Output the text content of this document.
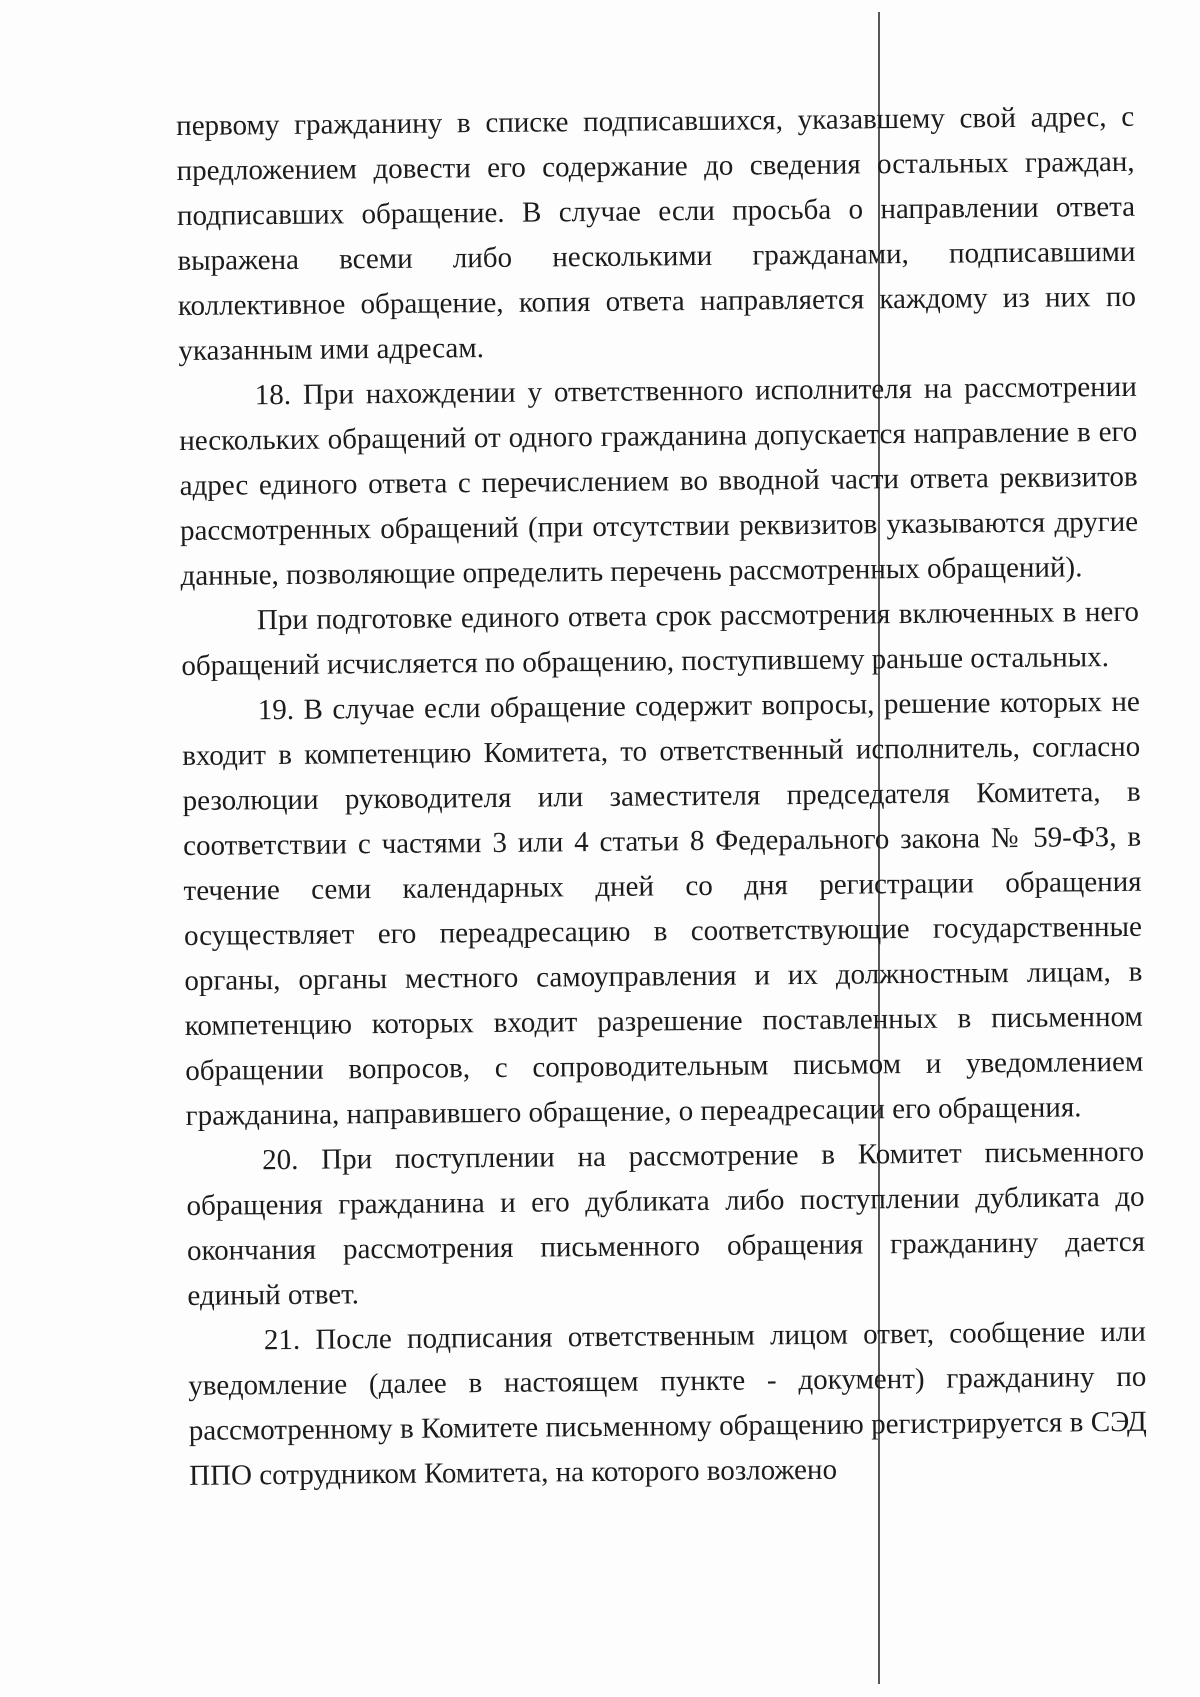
первому гражданину в списке подписавшихся, указавшему свой адрес, с предложением довести его содержание до сведения остальных граждан, подписавших обращение. В случае если просьба о направлении ответа выражена всеми либо несколькими гражданами, подписавшими коллективное обращение, копия ответа направляется каждому из них по указанным ими адресам.

18. При нахождении у ответственного исполнителя на рассмотрении нескольких обращений от одного гражданина допускается направление в его адрес единого ответа с перечислением во вводной части ответа реквизитов рассмотренных обращений (при отсутствии реквизитов указываются другие данные, позволяющие определить перечень рассмотренных обращений).

При подготовке единого ответа срок рассмотрения включенных в него обращений исчисляется по обращению, поступившему раньше остальных.

19. В случае если обращение содержит вопросы, решение которых не входит в компетенцию Комитета, то ответственный исполнитель, согласно резолюции руководителя или заместителя председателя Комитета, в соответствии с частями 3 или 4 статьи 8 Федерального закона № 59-ФЗ, в течение семи календарных дней со дня регистрации обращения осуществляет его переадресацию в соответствующие государственные органы, органы местного самоуправления и их должностным лицам, в компетенцию которых входит разрешение поставленных в письменном обращении вопросов, с сопроводительным письмом и уведомлением гражданина, направившего обращение, о переадресации его обращения.

20. При поступлении на рассмотрение в Комитет письменного обращения гражданина и его дубликата либо поступлении дубликата до окончания рассмотрения письменного обращения гражданину дается единый ответ.

21. После подписания ответственным лицом ответ, сообщение или уведомление (далее в настоящем пункте - документ) гражданину по рассмотренному в Комитете письменному обращению регистрируется в СЭД ППО сотрудником Комитета, на которого возложено
